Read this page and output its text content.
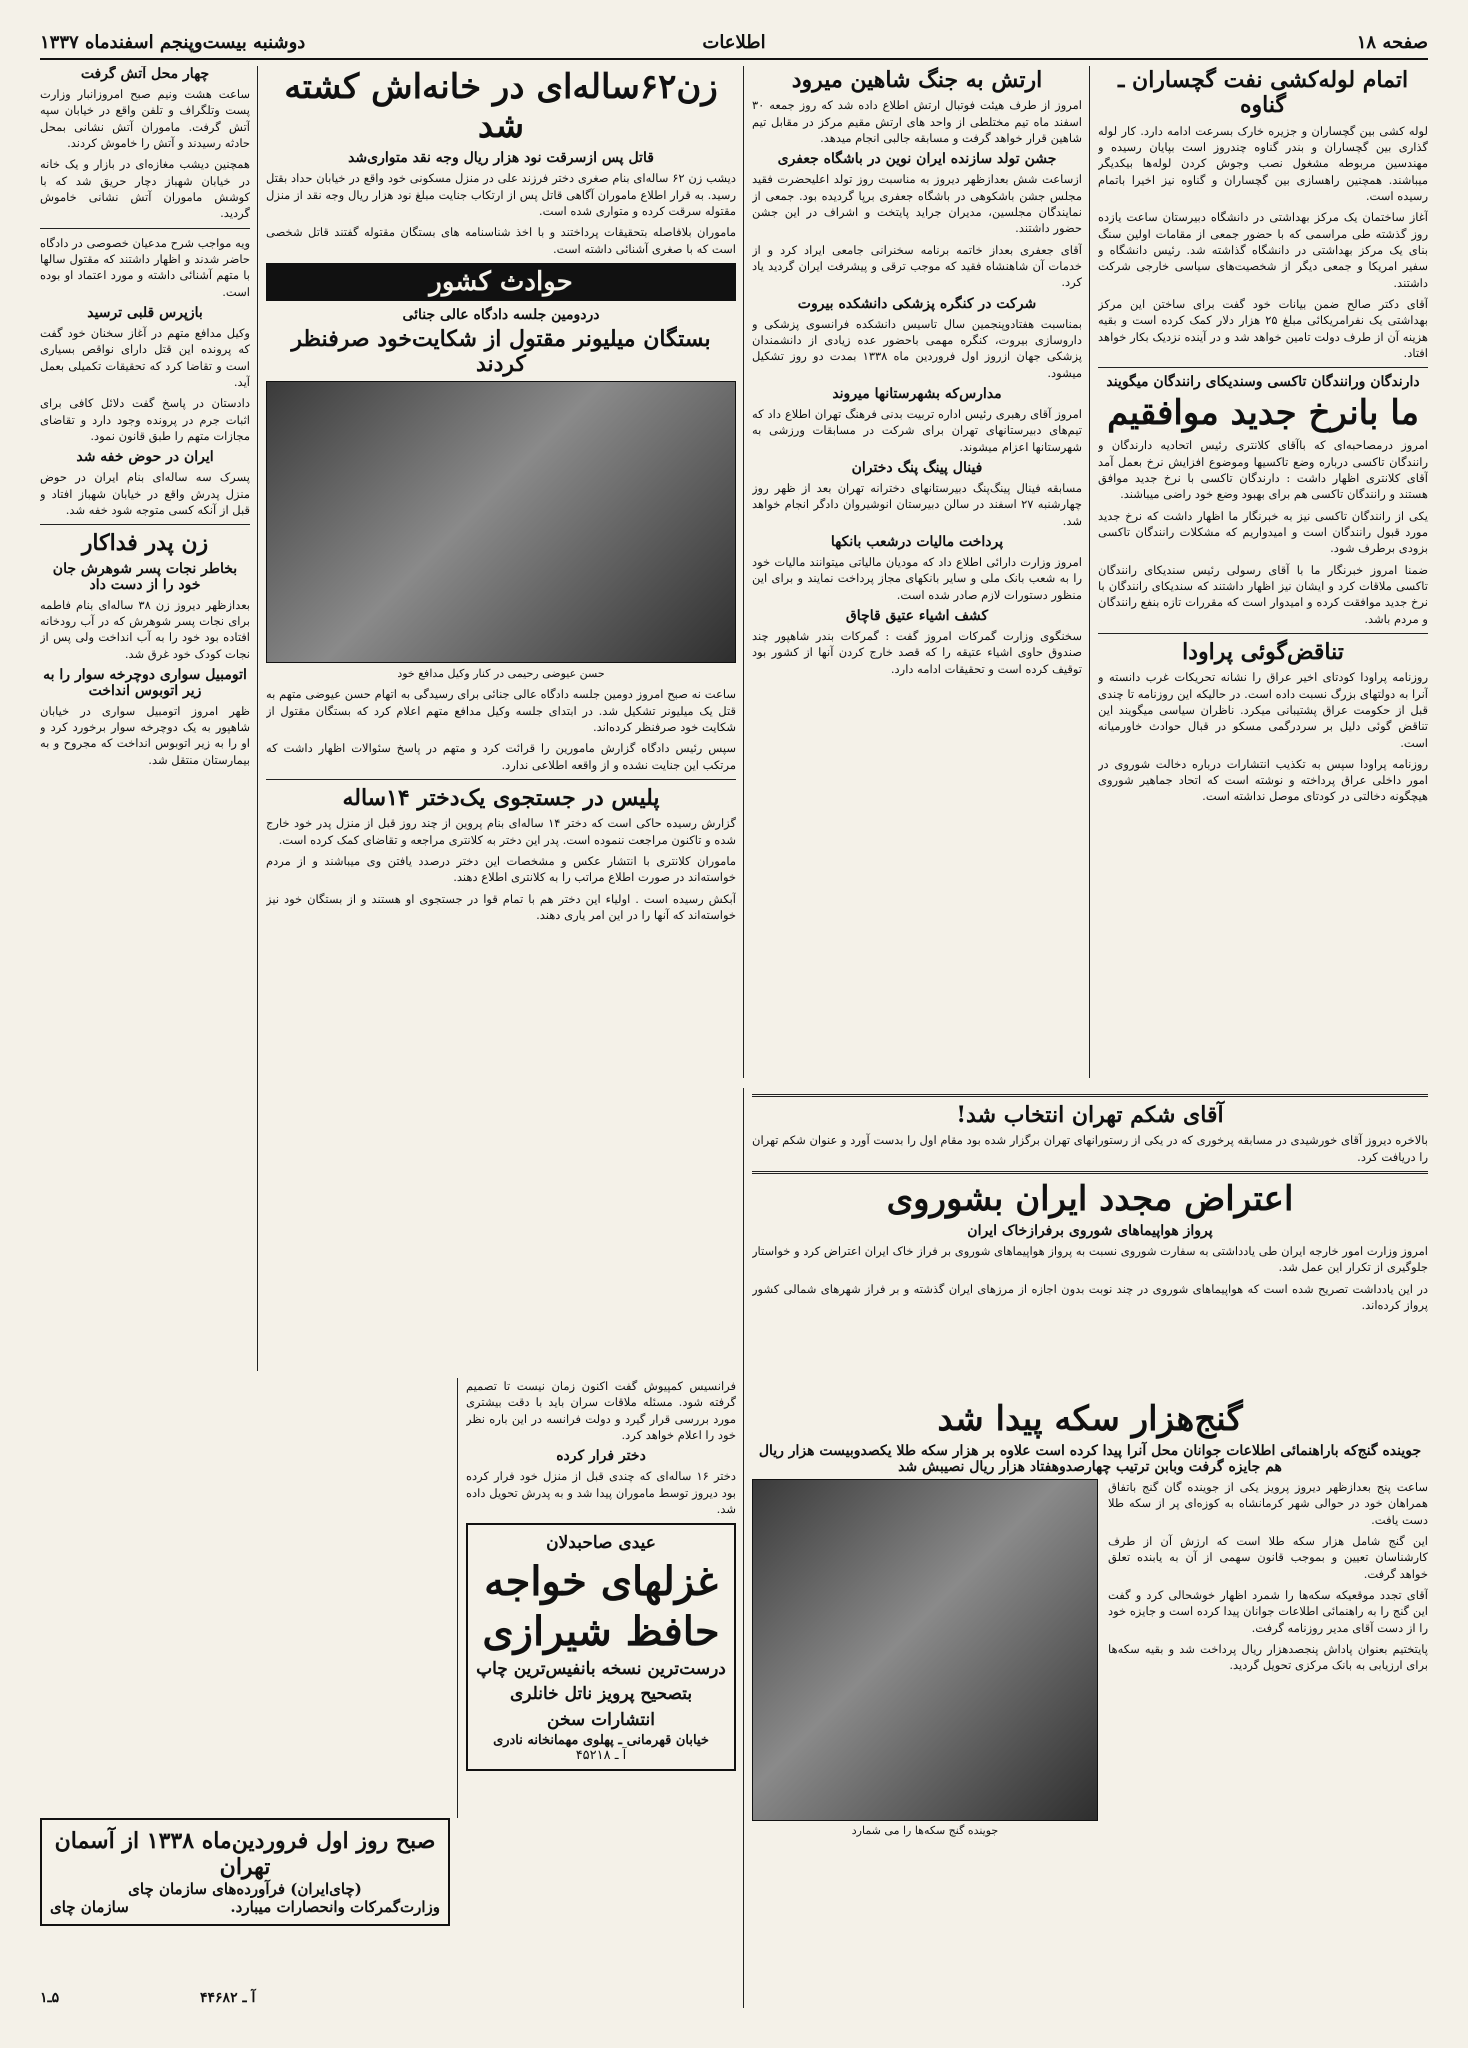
صفحه ۱۸
اطلاعات
دوشنبه بیست‌وپنجم اسفندماه ۱۳۳۷
اتمام لوله‌کشی نفت گچساران ـ گناوه

لوله کشی بین گچساران و جزیره خارک بسرعت ادامه دارد. کار لوله گذاری بین گچساران و بندر گناوه چندروز است بپایان رسیده و مهندسین مربوطه مشغول نصب وجوش کردن لوله‌ها بیکدیگر میباشند. همچنین راهسازی بین گچساران و گناوه نیز اخیرا باتمام رسیده است.

آغاز ساختمان یک مرکز بهداشتی در دانشگاه دبیرستان ساعت یازده روز گذشته طی مراسمی که با حضور جمعی از مقامات اولین سنگ بنای یک مرکز بهداشتی در دانشگاه گذاشته شد. رئیس دانشگاه و سفیر امریکا و جمعی دیگر از شخصیت‌های سیاسی خارجی شرکت داشتند.

آقای دکتر صالح ضمن بیانات خود گفت برای ساختن این مرکز بهداشتی یک نفرامریکائی مبلغ ۲۵ هزار دلار کمک کرده است و بقیه هزینه آن از طرف دولت تامین خواهد شد و در آینده نزدیک بکار خواهد افتاد.

دارندگان ورانندگان تاکسی وسندیکای رانندگان میگویند
ما بانرخ جدید موافقیم

امروز درمصاحبه‌ای که باآقای کلانتری رئیس اتحادیه دارندگان و رانندگان تاکسی درباره وضع تاکسیها وموضوع افزایش نرخ بعمل آمد آقای کلانتری اظهار داشت : دارندگان تاکسی با نرخ جدید موافق هستند و رانندگان تاکسی هم برای بهبود وضع خود راضی میباشند.

یکی از رانندگان تاکسی نیز به خبرنگار ما اظهار داشت که نرخ جدید مورد قبول رانندگان است و امیدواریم که مشکلات رانندگان تاکسی بزودی برطرف شود.

ضمنا امروز خبرنگار ما با آقای رسولی رئیس سندیکای رانندگان تاکسی ملاقات کرد و ایشان نیز اظهار داشتند که سندیکای رانندگان با نرخ جدید موافقت کرده و امیدوار است که مقررات تازه بنفع رانندگان و مردم باشد.

تناقض‌گوئی پراودا

روزنامه پراودا کودتای اخیر عراق را نشانه تحریکات غرب دانسته و آنرا به دولتهای بزرگ نسبت داده است. در حالیکه این روزنامه تا چندی قبل از حکومت عراق پشتیبانی میکرد. ناظران سیاسی میگویند این تناقض گوئی دلیل بر سردرگمی مسکو در قبال حوادث خاورمیانه است.

روزنامه پراودا سپس به تکذیب انتشارات درباره دخالت شوروی در امور داخلی عراق پرداخته و نوشته است که اتحاد جماهیر شوروی هیچگونه دخالتی در کودتای موصل نداشته است.

ارتش به جنگ شاهین میرود

امروز از طرف هیئت فوتبال ارتش اطلاع داده شد که روز جمعه ۳۰ اسفند ماه تیم مختلطی از واحد های ارتش مقیم مرکز در مقابل تیم شاهین قرار خواهد گرفت و مسابقه جالبی انجام میدهد.

جشن تولد سازنده ایران نوین در باشگاه جعفری

ازساعت شش بعدازظهر دیروز به مناسبت روز تولد اعلیحضرت فقید مجلس جشن باشکوهی در باشگاه جعفری برپا گردیده بود. جمعی از نمایندگان مجلسین، مدیران جراید پایتخت و اشراف در این جشن حضور داشتند.

آقای جعفری بعداز خاتمه برنامه سخنرانی جامعی ایراد کرد و از خدمات آن شاهنشاه فقید که موجب ترقی و پیشرفت ایران گردید یاد کرد.

شرکت در کنگره پزشکی دانشکده بیروت

بمناسبت هفتادوپنجمین سال تاسیس دانشکده فرانسوی پزشکی و داروسازی بیروت، کنگره مهمی باحضور عده زیادی از دانشمندان پزشکی جهان ازروز اول فروردین ماه ۱۳۳۸ بمدت دو روز تشکیل میشود.

مدارس‌که بشهرستانها میروند

امروز آقای رهبری رئیس اداره تربیت بدنی فرهنگ تهران اطلاع داد که تیم‌های دبیرستانهای تهران برای شرکت در مسابقات ورزشی به شهرستانها اعزام میشوند.

فینال پینگ پنگ دختران

مسابقه فینال پینگ‌پنگ دبیرستانهای دخترانه تهران بعد از ظهر روز چهارشنبه ۲۷ اسفند در سالن دبیرستان انوشیروان دادگر انجام خواهد شد.

پرداخت مالیات درشعب بانکها

امروز وزارت دارائی اطلاع داد که مودیان مالیاتی میتوانند مالیات خود را به شعب بانک ملی و سایر بانکهای مجاز پرداخت نمایند و برای این منظور دستورات لازم صادر شده است.

کشف اشیاء عتیق قاچاق

سخنگوی وزارت گمرکات امروز گفت : گمرکات بندر شاهپور چند صندوق حاوی اشیاء عتیقه را که قصد خارج کردن آنها از کشور بود توقیف کرده است و تحقیقات ادامه دارد.

زن۶۲ساله‌ای در خانه‌اش کشته شد
قاتل پس ازسرقت نود هزار ریال وجه نقد متواری‌شد

دیشب زن ۶۲ ساله‌ای بنام صغری دختر فرزند علی در منزل مسکونی خود واقع در خیابان حداد بقتل رسید. به قرار اطلاع ماموران آگاهی قاتل پس از ارتکاب جنایت مبلغ نود هزار ریال وجه نقد از منزل مقتوله سرقت کرده و متواری شده است.

ماموران بلافاصله بتحقیقات پرداختند و با اخذ شناسنامه های بستگان مقتوله گفتند قاتل شخصی است که با صغری آشنائی داشته است.

حوادث کشور
دردومین جلسه دادگاه عالی جنائی
بستگان میلیونر مقتول از شکایت‌خود صرفنظر کردند
حسن عیوضی رحیمی در کنار وکیل مدافع خود

ساعت نه صبح امروز دومین جلسه دادگاه عالی جنائی برای رسیدگی به اتهام حسن عیوضی متهم به قتل یک میلیونر تشکیل شد. در ابتدای جلسه وکیل مدافع متهم اعلام کرد که بستگان مقتول از شکایت خود صرفنظر کرده‌اند.

سپس رئیس دادگاه گزارش مامورین را قرائت کرد و متهم در پاسخ سئوالات اظهار داشت که مرتکب این جنایت نشده و از واقعه اطلاعی ندارد.

پلیس در جستجوی یک‌دختر ۱۴ساله

گزارش رسیده حاکی است که دختر ۱۴ ساله‌ای بنام پروین از چند روز قبل از منزل پدر خود خارج شده و تاکنون مراجعت ننموده است. پدر این دختر به کلانتری مراجعه و تقاضای کمک کرده است.

ماموران کلانتری با انتشار عکس و مشخصات این دختر درصدد یافتن وی میباشند و از مردم خواسته‌اند در صورت اطلاع مراتب را به کلانتری اطلاع دهند.

آبکش رسیده است . اولیاء این دختر هم با تمام قوا در جستجوی او هستند و از بستگان خود نیز خواسته‌اند که آنها را در این امر یاری دهند.

چهار محل آتش گرفت

ساعت هشت ونیم صبح امروزانبار وزارت پست وتلگراف و تلفن واقع در خیابان سپه آتش گرفت. ماموران آتش نشانی بمحل حادثه رسیدند و آتش را خاموش کردند.

همچنین دیشب مغازه‌ای در بازار و یک خانه در خیابان شهباز دچار حریق شد که با کوشش ماموران آتش نشانی خاموش گردید.

ویه مواجب شرح مدعیان خصوصی در دادگاه حاضر شدند و اظهار داشتند که مقتول سالها با متهم آشنائی داشته و مورد اعتماد او بوده است.

بازپرس قلبی ترسید

وکیل مدافع متهم در آغاز سخنان خود گفت که پرونده این قتل دارای نواقص بسیاری است و تقاضا کرد که تحقیقات تکمیلی بعمل آید.

دادستان در پاسخ گفت دلائل کافی برای اثبات جرم در پرونده وجود دارد و تقاضای مجازات متهم را طبق قانون نمود.

ایران در حوض خفه شد

پسرک سه ساله‌ای بنام ایران در حوض منزل پدرش واقع در خیابان شهباز افتاد و قبل از آنکه کسی متوجه شود خفه شد.

زن پدر فداکار
بخاطر نجات پسر شوهرش جان خود را از دست داد

بعدازظهر دیروز زن ۳۸ ساله‌ای بنام فاطمه برای نجات پسر شوهرش که در آب رودخانه افتاده بود خود را به آب انداخت ولی پس از نجات کودک خود غرق شد.

اتومبیل سواری دوچرخه سوار را به زیر اتوبوس انداخت

ظهر امروز اتومبیل سواری در خیابان شاهپور به یک دوچرخه سوار برخورد کرد و او را به زیر اتوبوس انداخت که مجروح و به بیمارستان منتقل شد.

آقای شکم تهران انتخاب شد!

بالاخره دیروز آقای خورشیدی در مسابقه پرخوری که در یکی از رستورانهای تهران برگزار شده بود مقام اول را بدست آورد و عنوان شکم تهران را دریافت کرد.

اعتراض مجدد ایران بشوروی
پرواز هواپیماهای شوروی برفرازخاک ایران

امروز وزارت امور خارجه ایران طی یادداشتی به سفارت شوروی نسبت به پرواز هواپیماهای شوروی بر فراز خاک ایران اعتراض کرد و خواستار جلوگیری از تکرار این عمل شد.

در این یادداشت تصریح شده است که هواپیماهای شوروی در چند نوبت بدون اجازه از مرزهای ایران گذشته و بر فراز شهرهای شمالی کشور پرواز کرده‌اند.

گنج‌هزار سکه پیدا شد
جوینده گنج‌که باراهنمائی اطلاعات جوانان محل آنرا پیدا کرده است علاوه بر هزار سکه طلا یکصدوبیست هزار ریال هم جایزه گرفت وبابن ترتیب چهارصدوهفتاد هزار ریال نصیبش شد

ساعت پنج بعدازظهر دیروز پرویز یکی از جوینده گان گنج باتفاق همراهان خود در حوالی شهر کرمانشاه به کوزه‌ای پر از سکه طلا دست یافت.

این گنج شامل هزار سکه طلا است که ارزش آن از طرف کارشناسان تعیین و بموجب قانون سهمی از آن به یابنده تعلق خواهد گرفت.

آقای تجدد موقعیکه سکه‌ها را شمرد اظهار خوشحالی کرد و گفت این گنج را به راهنمائی اطلاعات جوانان پیدا کرده است و جایزه خود را از دست آقای مدیر روزنامه گرفت.

پایتختیم بعنوان پاداش پنجصدهزار ریال پرداخت شد و بقیه سکه‌ها برای ارزیابی به بانک مرکزی تحویل گردید.

جوینده گنج سکه‌ها را می شمارد

فرانسیس کمپیوش گفت اکنون زمان نیست تا تصمیم گرفته شود. مسئله ملاقات سران باید با دقت بیشتری مورد بررسی قرار گیرد و دولت فرانسه در این باره نظر خود را اعلام خواهد کرد.

دختر فرار کرده

دختر ۱۶ ساله‌ای که چندی قبل از منزل خود فرار کرده بود دیروز توسط ماموران پیدا شد و به پدرش تحویل داده شد.

عیدی صاحبدلان
غزلهای خواجه
حافظ شیرازی
درست‌ترین نسخه بانفیس‌ترین چاپ
بتصحیح پرویز ناتل خانلری
انتشارات سخن
خیابان قهرمانی ـ پهلوی مهمانخانه نادری
آ ـ ۴۵۲۱۸
صبح روز اول فروردین‌ماه ۱۳۳۸ از آسمان تهران
(چای‌ایران) فرآورده‌های سازمان چای
وزارت‌گمرکات وانحصارات میبارد.
سازمان چای
۵ـ۱	آ ـ ۴۴۶۸۲
